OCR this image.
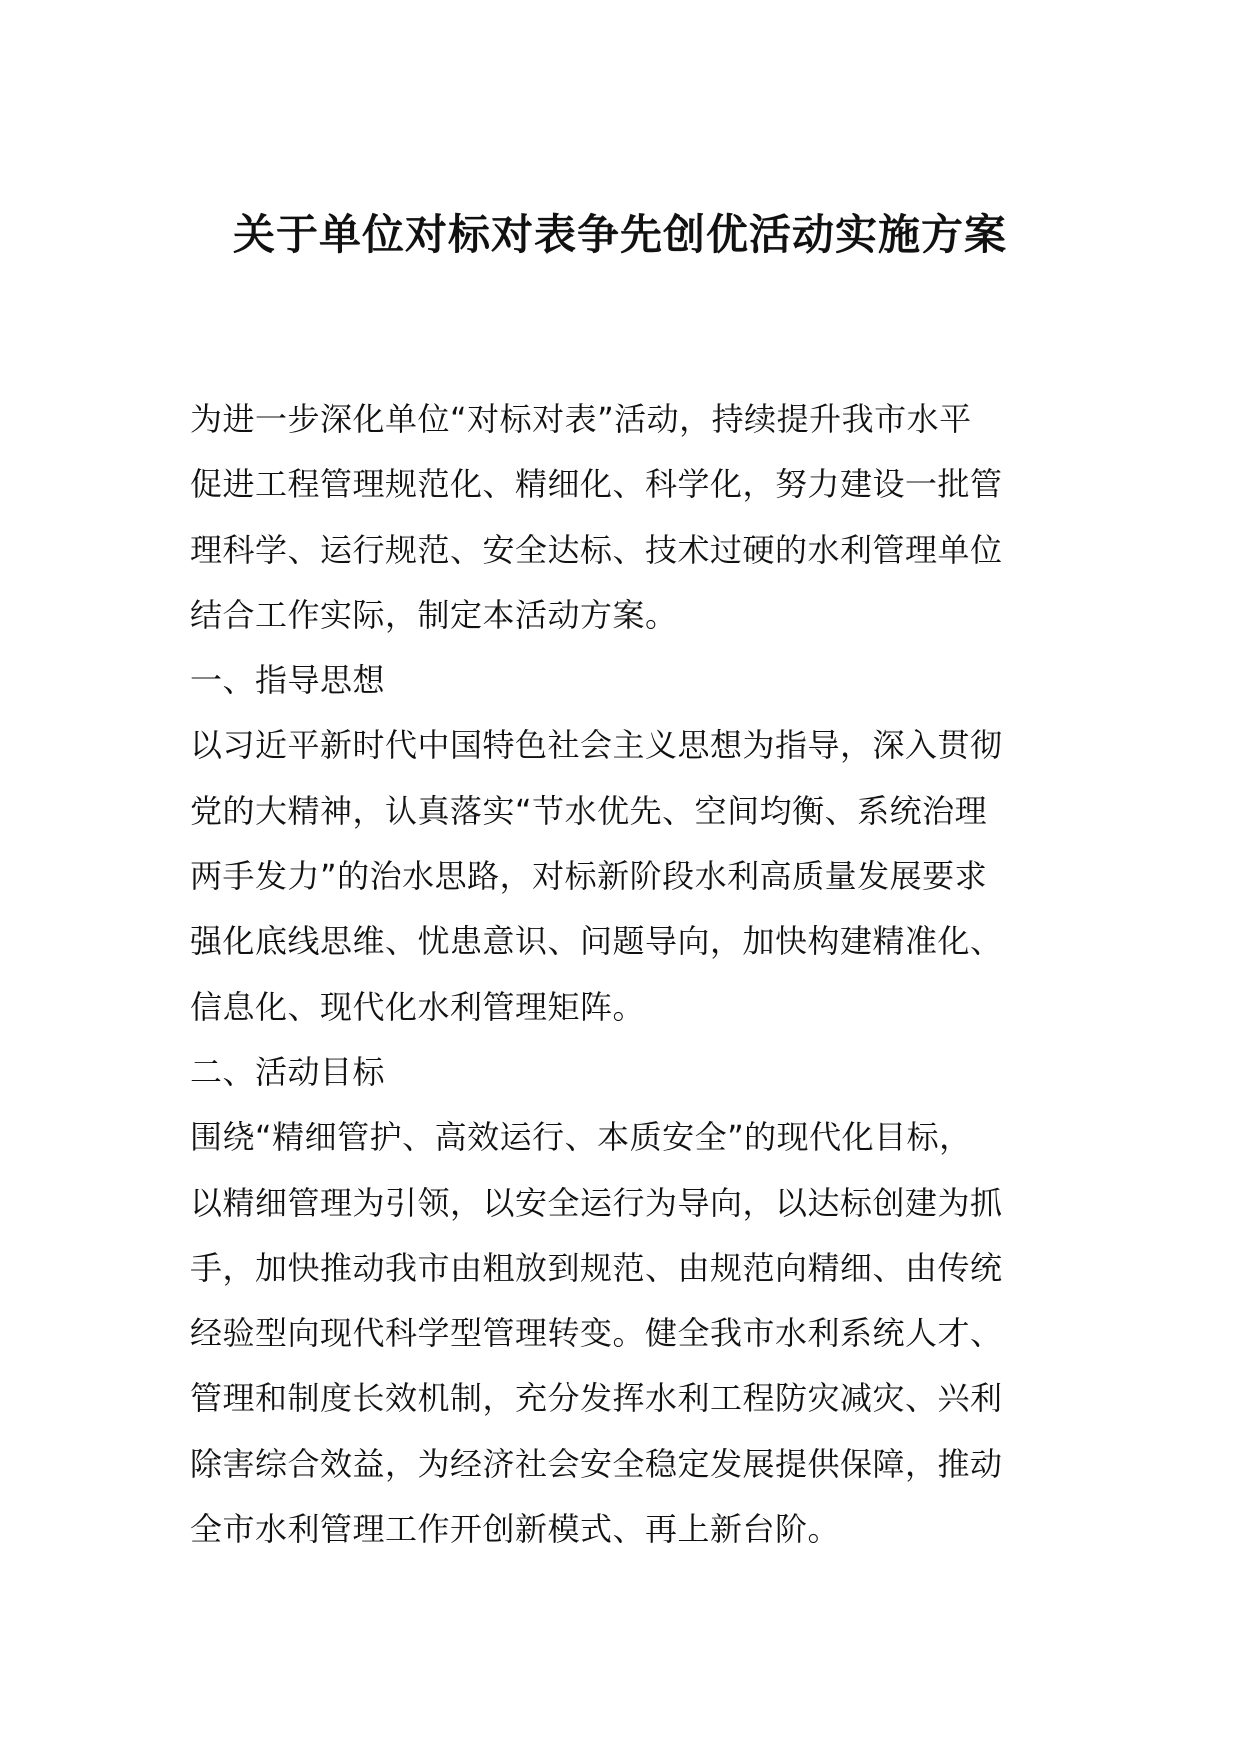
关于单位对标对表争先创优活动实施方案
为进一步深化单位“对标对表”活动，持续提升我市水平
促进工程管理规范化、精细化、科学化，努力建设一批管
理科学、运行规范、安全达标、技术过硬的水利管理单位
结合工作实际，制定本活动方案。
一、指导思想
以习近平新时代中国特色社会主义思想为指导，深入贯彻
党的大精神，认真落实“节水优先、空间均衡、系统治理
两手发力”的治水思路，对标新阶段水利高质量发展要求
强化底线思维、忧患意识、问题导向，加快构建精准化、
信息化、现代化水利管理矩阵。
二、活动目标
围绕“精细管护、高效运行、本质安全”的现代化目标，
以精细管理为引领，以安全运行为导向，以达标创建为抓
手，加快推动我市由粗放到规范、由规范向精细、由传统
经验型向现代科学型管理转变。健全我市水利系统人才、
管理和制度长效机制，充分发挥水利工程防灾减灾、兴利
除害综合效益，为经济社会安全稳定发展提供保障，推动
全市水利管理工作开创新模式、再上新台阶。
